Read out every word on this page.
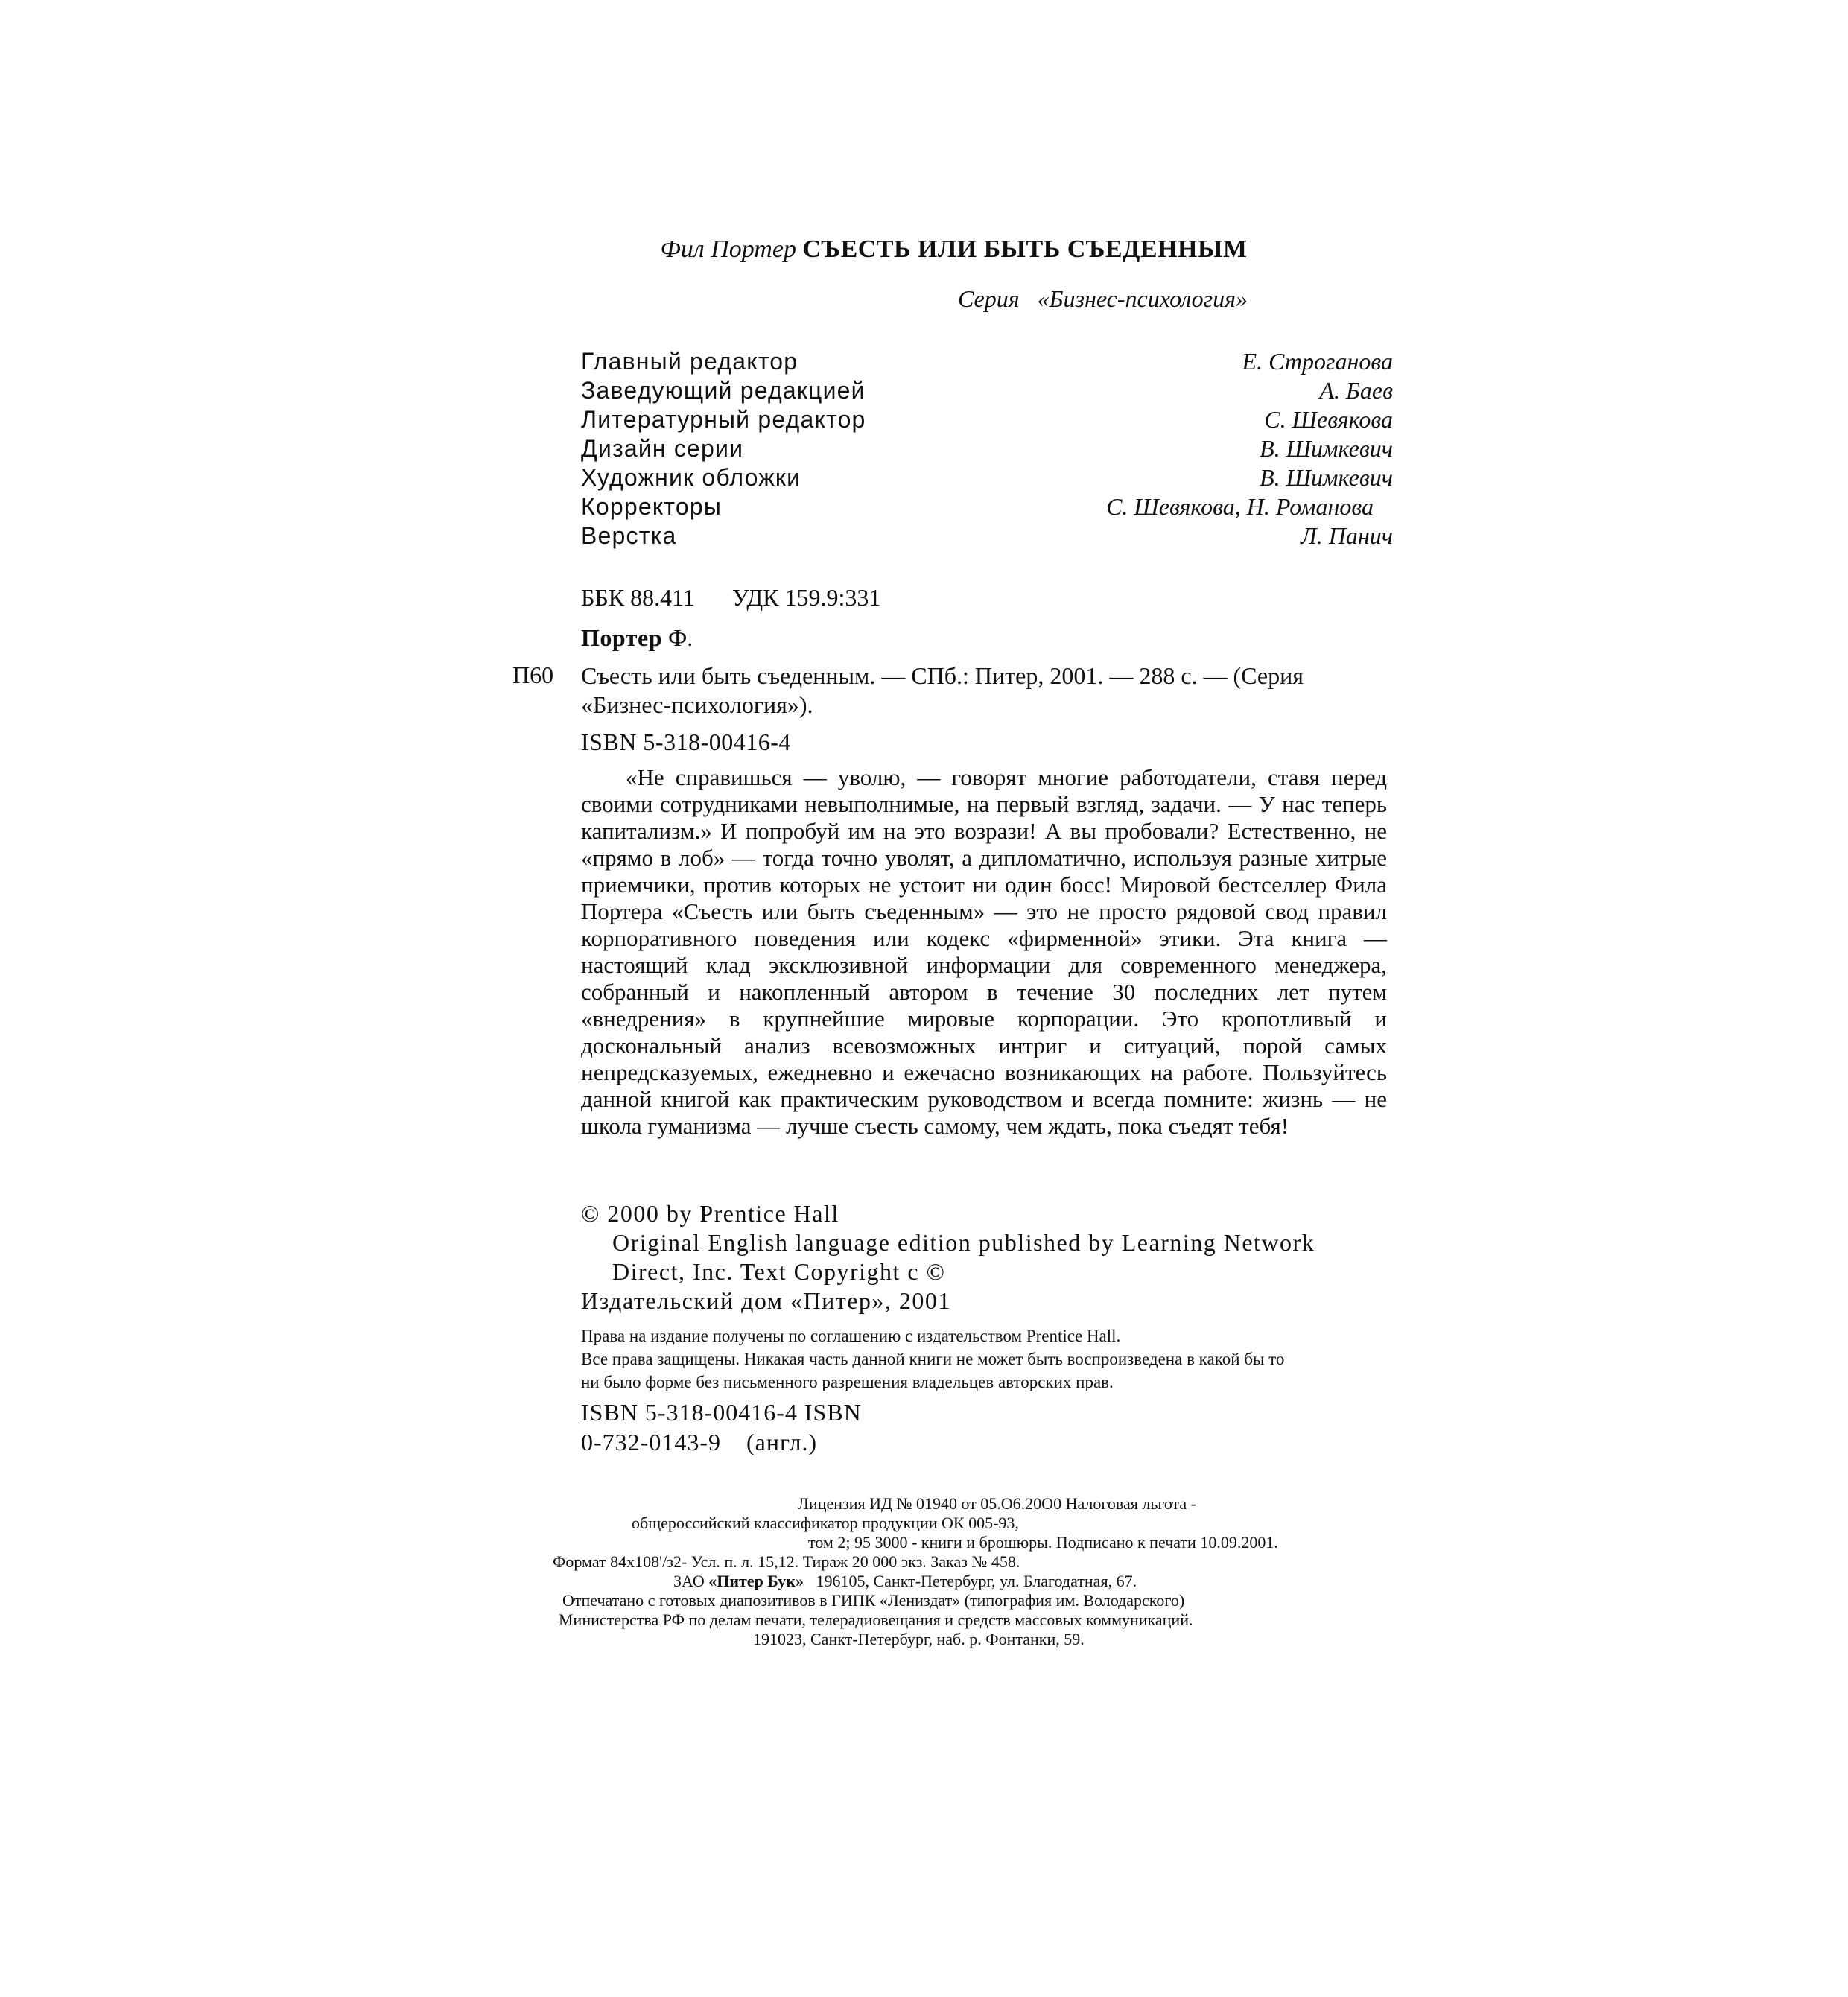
Фил Портер СЪЕСТЬ ИЛИ БЫТЬ СЪЕДЕННЫМ
Серия «Бизнес-психология»
Главный редактор	Е. Строганова
Заведующий редакцией	А. Баев
Литературный редактор	С. Шевякова
Дизайн серии	В. Шимкевич
Художник обложки	В. Шимкевич
Корректоры	С. Шевякова, Н. Романова
Верстка	Л. Панич
ББК 88.411 УДК 159.9:331
Портер Ф.
П60 Съесть или быть съеденным. — СПб.: Питер, 2001. — 288 с. — (Серия
«Бизнес-психология»).
ISBN 5-318-00416-4

«Не справишься — уволю, — говорят многие работодатели, ставя перед своими сотрудниками невыполнимые, на первый взгляд, задачи. — У нас теперь капитализм.» И попробуй им на это возрази! А вы пробовали? Естественно, не «прямо в лоб» — тогда точно уволят, а дипломатично, используя разные хитрые приемчики, против которых не устоит ни один босс! Мировой бестселлер Фила Портера «Съесть или быть съеденным» — это не просто рядовой свод правил корпоративного поведения или кодекс «фирменной» этики. Эта книга — настоящий клад эксклюзивной информации для современного менеджера, собранный и накопленный автором в течение 30 последних лет путем «внедрения» в крупнейшие мировые корпорации. Это кропотливый и доскональный анализ всевозможных интриг и ситуаций, порой самых непредсказуемых, ежедневно и ежечасно возникающих на работе. Пользуйтесь данной книгой как практическим руководством и всегда помните: жизнь — не школа гуманизма — лучше съесть самому, чем ждать, пока съедят тебя!

© 2000 by Prentice Hall
Original English language edition published by Learning Network
Direct, Inc. Text Copyright c ©
Издательский дом «Питер», 2001
Права на издание получены по соглашению с издательством Prentice Hall.
Все права защищены. Никакая часть данной книги не может быть воспроизведена в какой бы то
ни было форме без письменного разрешения владельцев авторских прав.
ISBN 5-318-00416-4 ISBN
0-732-0143-9 (англ.)
Лицензия ИД № 01940 от 05.О6.20О0 Налоговая льгота -
общероссийский классификатор продукции ОК 005-93,
том 2; 95 3000 - книги и брошюры. Подписано к печати 10.09.2001.
Формат 84х108'/з2- Усл. п. л. 15,12. Тираж 20 000 экз. Заказ № 458.
ЗАО «Питер Бук» 196105, Санкт-Петербург, ул. Благодатная, 67.
Отпечатано с готовых диапозитивов в ГИПК «Лениздат» (типография им. Володарского)
Министерства РФ по делам печати, телерадиовещания и средств массовых коммуникаций.
191023, Санкт-Петербург, наб. р. Фонтанки, 59.
